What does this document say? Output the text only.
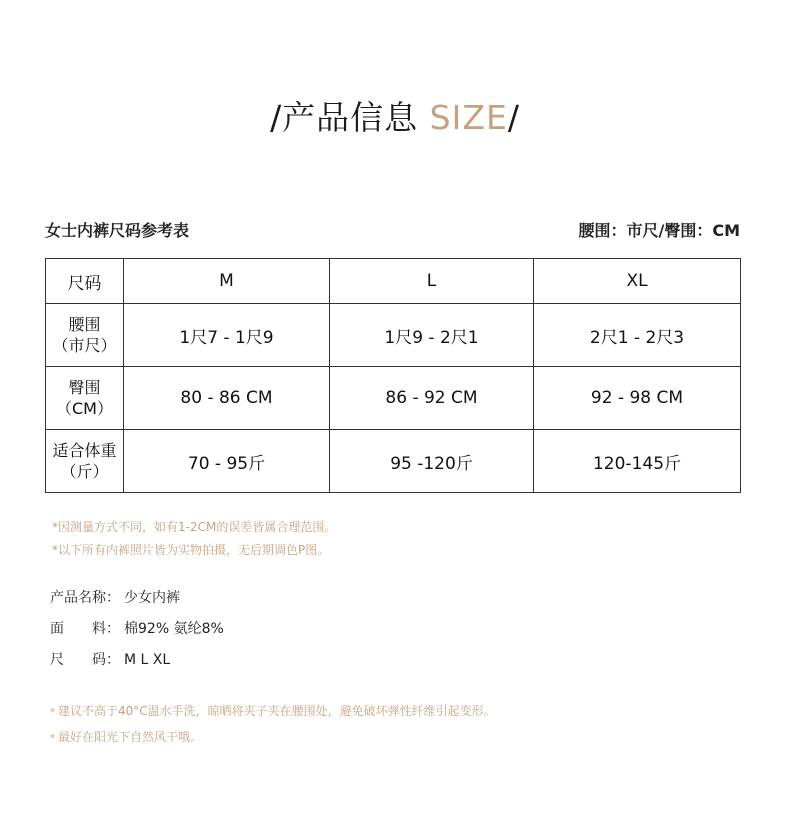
/产品信息 SIZE/
女士内裤尺码参考表	腰围：市尺/臀围：CM
尺码	M	L	XL

腰围
（市尺）	1尺7 - 1尺9	1尺9 - 2尺1	2尺1 - 2尺3

臀围
（CM）	80 - 86 CM	86 - 92 CM	92 - 98 CM

适合体重
（斤）	70 - 95斤	95 -120斤	120-145斤
*因测量方式不同，如有1-2CM的误差皆属合理范围。
*以下所有内裤照片皆为实物拍摄，无后期调色P图。
产品名称： 少女内裤
面　　料： 棉92% 氨纶8%
尺　　码： M L XL
* 建议不高于40°C温水手洗，晾晒将夹子夹在腰围处，避免破坏弹性纤维引起变形。
* 最好在阳光下自然风干哦。
